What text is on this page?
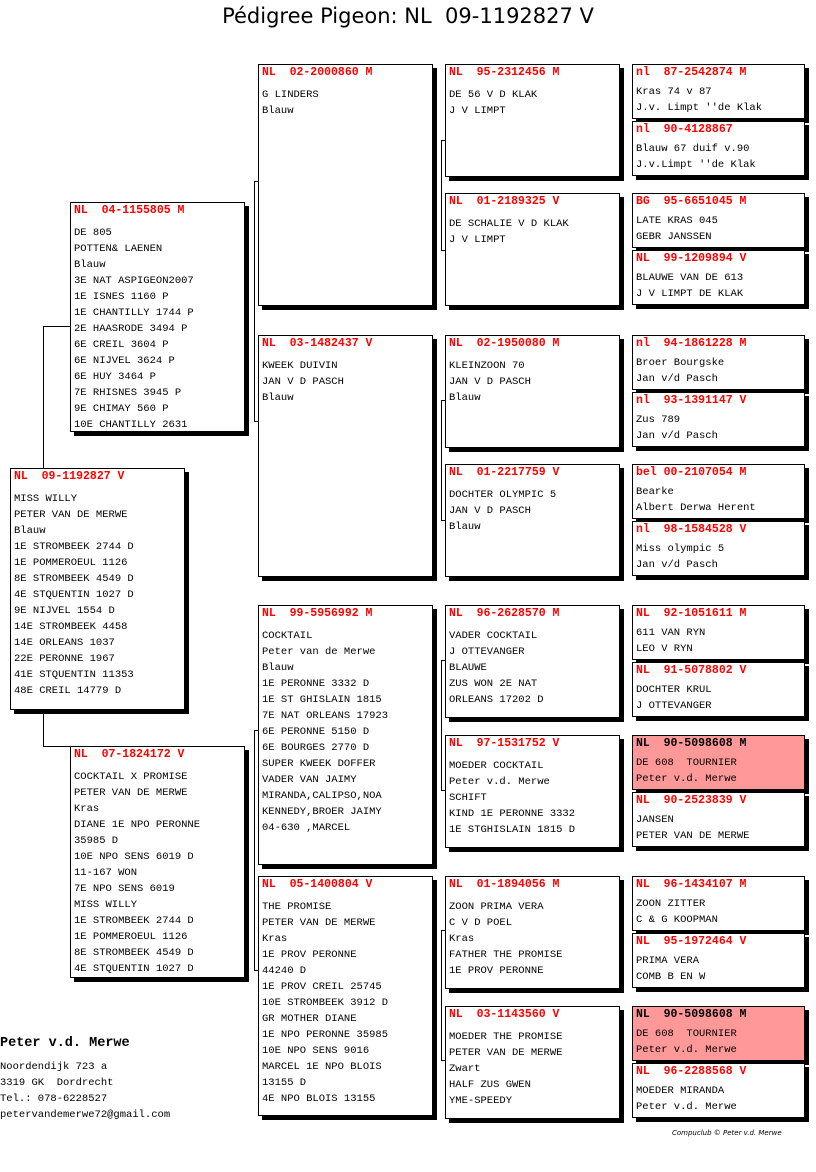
Pédigree Pigeon: NL  09-1192827 V
NL  09-1192827 V
MISS WILLY
PETER VAN DE MERWE
Blauw
1E STROMBEEK 2744 D
1E POMMEROEUL 1126
8E STROMBEEK 4549 D
4E STQUENTIN 1027 D
9E NIJVEL 1554 D
14E STROMBEEK 4458
14E ORLEANS 1037
22E PERONNE 1967
41E STQUENTIN 11353
48E CREIL 14779 D
NL  04-1155805 M
DE 805
POTTEN& LAENEN
Blauw
3E NAT ASPIGEON2007
1E ISNES 1160 P
1E CHANTILLY 1744 P
2E HAASRODE 3494 P
6E CREIL 3604 P
6E NIJVEL 3624 P
6E HUY 3464 P
7E RHISNES 3945 P
9E CHIMAY 560 P
10E CHANTILLY 2631
NL  07-1824172 V
COCKTAIL X PROMISE
PETER VAN DE MERWE
Kras
DIANE 1E NPO PERONNE
35985 D
10E NPO SENS 6019 D
11-167 WON
7E NPO SENS 6019
MISS WILLY
1E STROMBEEK 2744 D
1E POMMEROEUL 1126
8E STROMBEEK 4549 D
4E STQUENTIN 1027 D
NL  02-2000860 M
G LINDERS
Blauw
NL  03-1482437 V
KWEEK DUIVIN
JAN V D PASCH
Blauw
NL  99-5956992 M
COCKTAIL
Peter van de Merwe
Blauw
1E PERONNE 3332 D
1E ST GHISLAIN 1815
7E NAT ORLEANS 17923
6E PERONNE 5150 D
6E BOURGES 2770 D
SUPER KWEEK DOFFER
VADER VAN JAIMY
MIRANDA,CALIPSO,NOA
KENNEDY,BROER JAIMY
04-630 ,MARCEL
NL  05-1400804 V
THE PROMISE
PETER VAN DE MERWE
Kras
1E PROV PERONNE
44240 D
1E PROV CREIL 25745
10E STROMBEEK 3912 D
GR MOTHER DIANE
1E NPO PERONNE 35985
10E NPO SENS 9016
MARCEL 1E NPO BLOIS
13155 D
4E NPO BLOIS 13155
NL  95-2312456 M
DE 56 V D KLAK
J V LIMPT
NL  01-2189325 V
DE SCHALIE V D KLAK
J V LIMPT
NL  02-1950080 M
KLEINZOON 70
JAN V D PASCH
Blauw
NL  01-2217759 V
DOCHTER OLYMPIC 5
JAN V D PASCH
Blauw
NL  96-2628570 M
VADER COCKTAIL
J OTTEVANGER
BLAUWE
ZUS WON 2E NAT
ORLEANS 17202 D
NL  97-1531752 V
MOEDER COCKTAIL
Peter v.d. Merwe
SCHIFT
KIND 1E PERONNE 3332
1E STGHISLAIN 1815 D
NL  01-1894056 M
ZOON PRIMA VERA
C V D POEL
Kras
FATHER THE PROMISE
1E PROV PERONNE
NL  03-1143560 V
MOEDER THE PROMISE
PETER VAN DE MERWE
Zwart
HALF ZUS GWEN
YME-SPEEDY
nl  87-2542874 M
Kras 74 v 87
J.v. Limpt ''de Klak
nl  90-4128867
Blauw 67 duif v.90
J.v.Limpt ''de Klak
BG  95-6651045 M
LATE KRAS 045
GEBR JANSSEN
NL  99-1209894 V
BLAUWE VAN DE 613
J V LIMPT DE KLAK
nl  94-1861228 M
Broer Bourgske
Jan v/d Pasch
nl  93-1391147 V
Zus 789
Jan v/d Pasch
bel 00-2107054 M
Bearke
Albert Derwa Herent
nl  98-1584528 V
Miss olympic 5
Jan v/d Pasch
NL  92-1051611 M
611 VAN RYN
LEO V RYN
NL  91-5078802 V
DOCHTER KRUL
J OTTEVANGER
NL  90-5098608 M
DE 608  TOURNIER
Peter v.d. Merwe
NL  90-2523839 V
JANSEN
PETER VAN DE MERWE
NL  96-1434107 M
ZOON ZITTER
C & G KOOPMAN
NL  95-1972464 V
PRIMA VERA
COMB B EN W
NL  90-5098608 M
DE 608  TOURNIER
Peter v.d. Merwe
NL  96-2288568 V
MOEDER MIRANDA
Peter v.d. Merwe
Peter v.d. Merwe
Noordendijk 723 a
3319 GK  Dordrecht
Tel.: 078-6228527
petervandemerwe72@gmail.com
Compuclub © Peter v.d. Merwe
